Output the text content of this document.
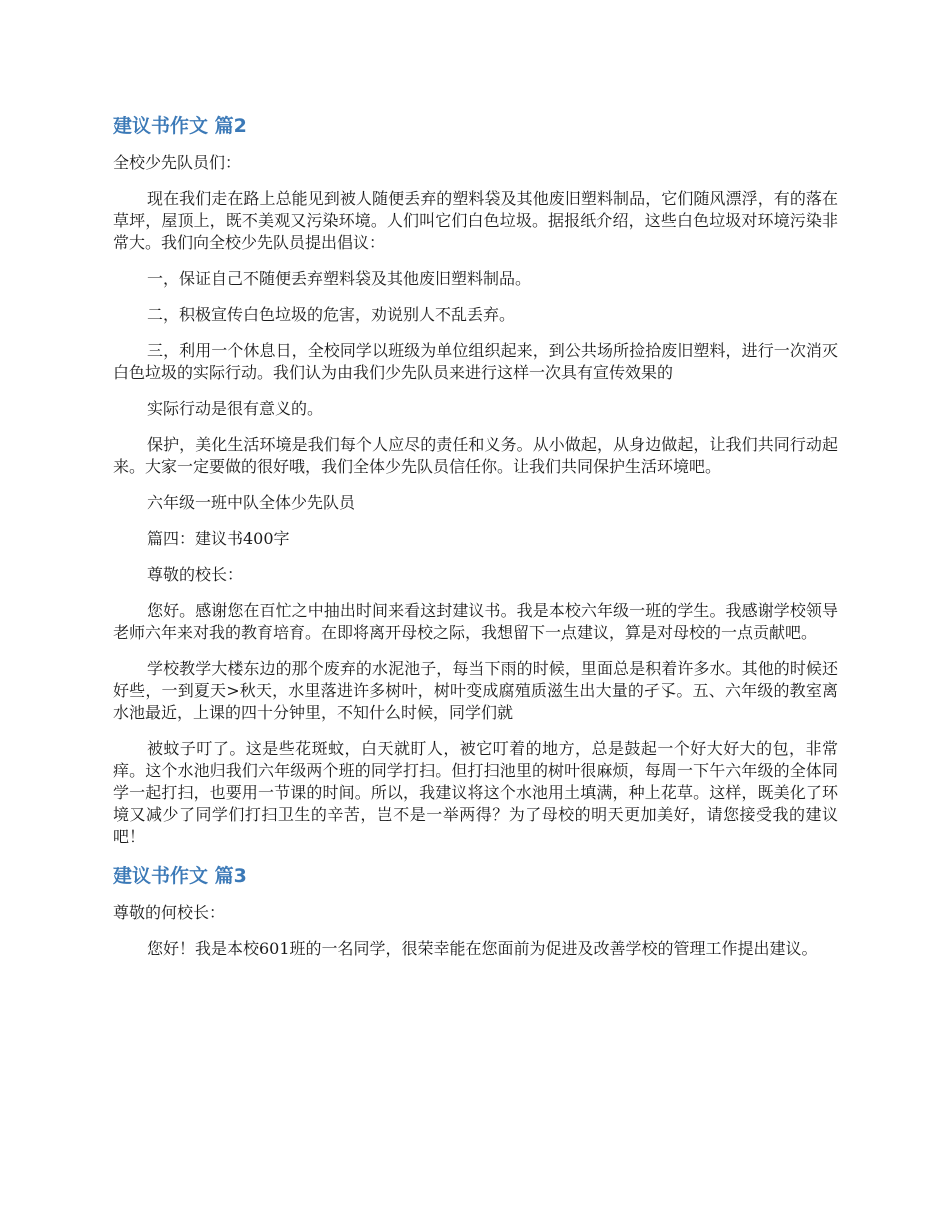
建议书作文 篇2

全校少先队员们：

现在我们走在路上总能见到被人随便丢弃的塑料袋及其他废旧塑料制品，它们随风漂浮，有的落在草坪，屋顶上，既不美观又污染环境。人们叫它们白色垃圾。据报纸介绍，这些白色垃圾对环境污染非常大。我们向全校少先队员提出倡议：

一，保证自己不随便丢弃塑料袋及其他废旧塑料制品。

二，积极宣传白色垃圾的危害，劝说别人不乱丢弃。

三，利用一个休息日，全校同学以班级为单位组织起来，到公共场所捡拾废旧塑料，进行一次消灭白色垃圾的实际行动。我们认为由我们少先队员来进行这样一次具有宣传效果的

实际行动是很有意义的。

保护，美化生活环境是我们每个人应尽的责任和义务。从小做起，从身边做起，让我们共同行动起来。大家一定要做的很好哦，我们全体少先队员信任你。让我们共同保护生活环境吧。

六年级一班中队全体少先队员

篇四：建议书400字

尊敬的校长：

您好。感谢您在百忙之中抽出时间来看这封建议书。我是本校六年级一班的学生。我感谢学校领导老师六年来对我的教育培育。在即将离开母校之际，我想留下一点建议，算是对母校的一点贡献吧。

学校教学大楼东边的那个废弃的水泥池子，每当下雨的时候，里面总是积着许多水。其他的时候还好些，一到夏天>秋天，水里落进许多树叶，树叶变成腐殖质滋生出大量的孑孓。五、六年级的教室离水池最近，上课的四十分钟里，不知什么时候，同学们就

被蚊子叮了。这是些花斑蚊，白天就盯人，被它叮着的地方，总是鼓起一个好大好大的包，非常痒。这个水池归我们六年级两个班的同学打扫。但打扫池里的树叶很麻烦，每周一下午六年级的全体同学一起打扫，也要用一节课的时间。所以，我建议将这个水池用土填满，种上花草。这样，既美化了环境又减少了同学们打扫卫生的辛苦，岂不是一举两得？为了母校的明天更加美好，请您接受我的建议吧！

建议书作文 篇3

尊敬的何校长：

您好！我是本校601班的一名同学，很荣幸能在您面前为促进及改善学校的管理工作提出建议。
